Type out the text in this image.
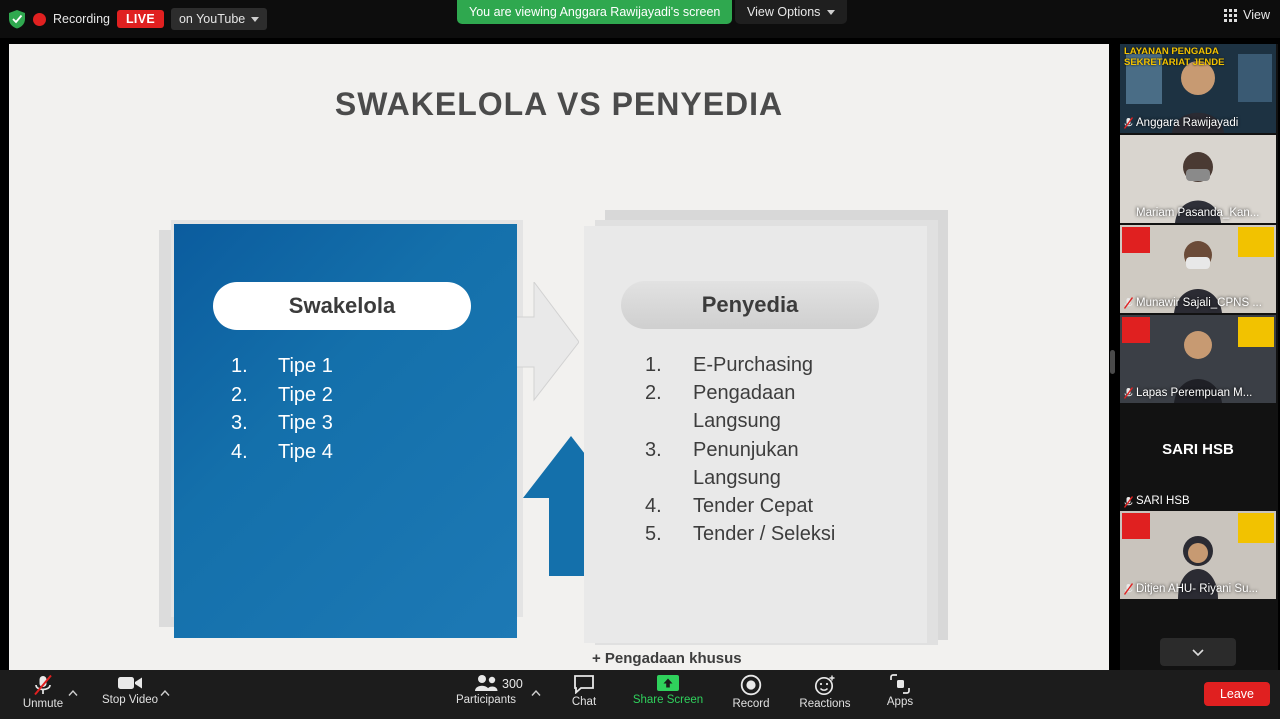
Recording	LIVE	on YouTube	You are viewing Anggara Rawijayadi's screen	View Options	View
SWAKELOLA VS PENYEDIA
Swakelola
1.	Tipe 1
2.	Tipe 2
3.	Tipe 3
4.	Tipe 4
Penyedia
1.	E-Purchasing
2.	Pengadaan
Langsung
3.	Penunjukan
Langsung
4.	Tender Cepat
5.	Tender / Seleksi
+ Pengadaan khusus
LAYANAN PENGADA
SEKRETARIAT JENDE
Anggara Rawijayadi
Mariam Pasanda_Kan...
Munawir Sajali_CPNS ...
Lapas Perempuan M...
SARI HSB
SARI HSB
Ditjen AHU- Riyani Su...
Unmute	Stop Video	Participants
300
Chat	Share Screen	Record	Reactions	Apps
Leave
